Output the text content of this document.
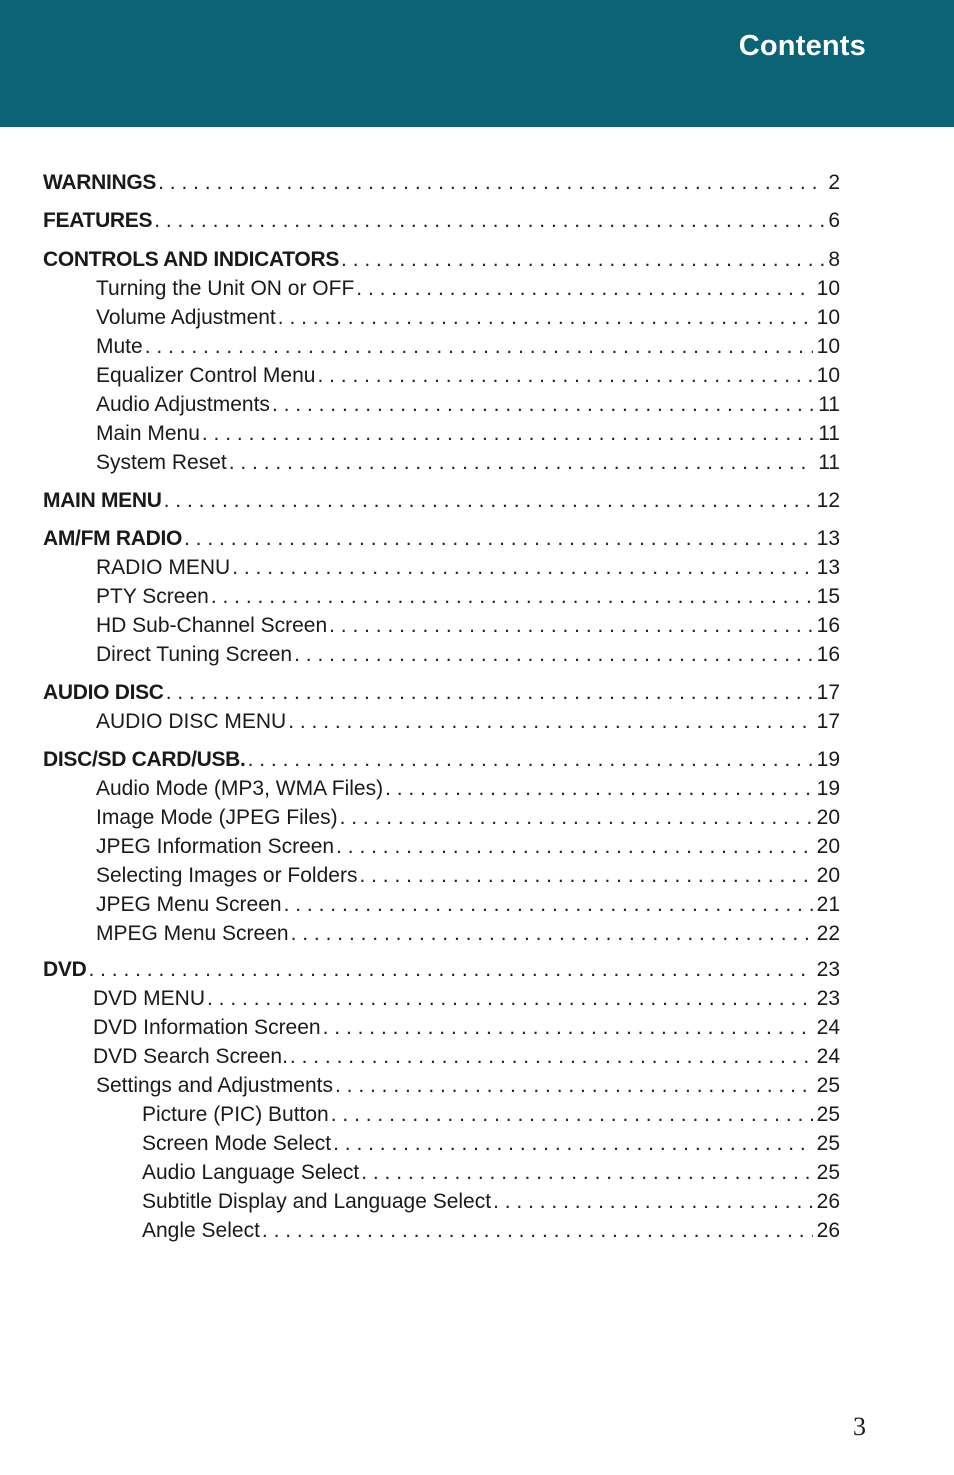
Contents
WARNINGS . . .	2
FEATURES . . .	6
CONTROLS AND INDICATORS . . .	8
Turning the Unit ON or OFF . . .	10
Volume Adjustment . . .	10
Mute . . .	10
Equalizer Control Menu . . .	10
Audio Adjustments . . .	11
Main Menu . . .	11
System Reset . . .	11
MAIN MENU . . .	12
AM/FM RADIO . . .	13
RADIO MENU . . .	13
PTY Screen . . .	15
HD Sub-Channel Screen . . .	16
Direct Tuning Screen . . .	16
AUDIO DISC . . .	17
AUDIO DISC MENU . . .	17
DISC/SD CARD/USB. . . .	19
Audio Mode (MP3, WMA Files) . . .	19
Image Mode (JPEG Files) . . .	20
JPEG Information Screen . . .	20
Selecting Images or Folders . . .	20
JPEG Menu Screen . . .	21
MPEG Menu Screen . . .	22
DVD . . .	23
DVD MENU . . .	23
DVD Information Screen . . .	24
DVD Search Screen. . . .	24
Settings and Adjustments . . .	25
Picture (PIC) Button . . .	25
Screen Mode Select . . .	25
Audio Language Select . . .	25
Subtitle Display and Language Select . . .	26
Angle Select . . .	26
3
